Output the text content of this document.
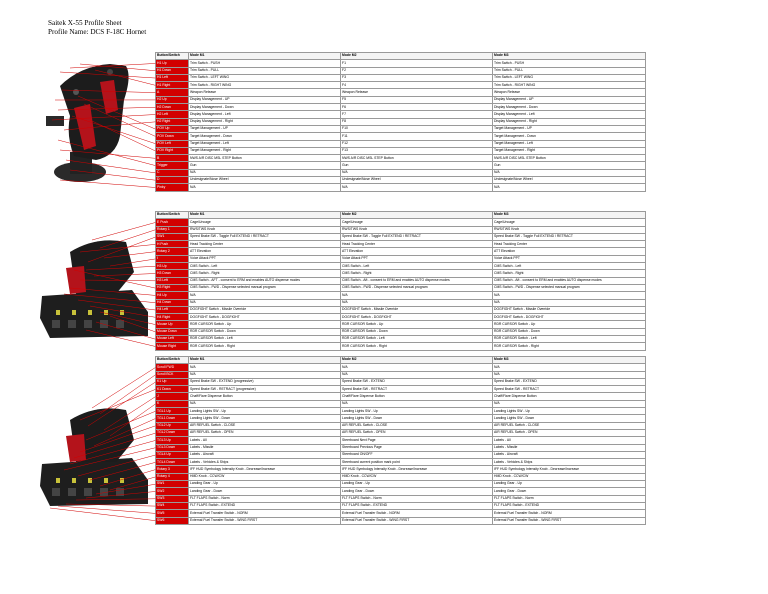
Saitek X-55 Profile Sheet
Profile Name: DCS F-18C Hornet
Button/Switch	Mode M1	Mode M2	Mode M3
H1 Up	Trim Switch - PUSH	F1	Trim Switch - PUSH
H1 Down	Trim Switch - PULL	F2	Trim Switch - PULL
H1 Left	Trim Switch - LEFT WING	F3	Trim Switch - LEFT WING
H1 Right	Trim Switch - RIGHT WING	F4	Trim Switch - RIGHT WING
A	Weapon Release	Weapon Release	Weapon Release
H2 Up	Display Management - UP	F5	Display Management - UP
H2 Down	Display Management - Down	F6	Display Management - Down
H2 Left	Display Management - Left	F7	Display Management - Left
H2 Right	Display Management - Right	F8	Display Management - Right
POV Up	Target Management - UP	F10	Target Management - UP
POV Down	Target Management - Down	F11	Target Management - Down
POV Left	Target Management - Left	F12	Target Management - Left
POV Right	Target Management - Right	F13	Target Management - Right
B	NWS A/R DISC MSL STEP Button	NWS A/R DISC MSL STEP Button	NWS A/R DISC MSL STEP Button
Trigger	Gun	Gun	Gun
C	N/A	N/A	N/A
D	Undesignate/Nose Wheel	Undesignate/Nose Wheel	Undesignate/Nose Wheel
Pinky	N/A	N/A	N/A
Button/Switch	Mode M1	Mode M2	Mode M3
E Push	Cage/Uncage	Cage/Uncage	Cage/Uncage
Rotary 1	RWS/TWS Knob	RWS/TWS Knob	RWS/TWS Knob
SW1	Speed Brake SW - Toggle Full EXTEND / RETRACT	Speed Brake SW - Toggle Full EXTEND / RETRACT	Speed Brake SW - Toggle Full EXTEND / RETRACT
H Push	Head Tracking Center	Head Tracking Center	Head Tracking Center
Rotary 2	ATT Elevation	ATT Elevation	ATT Elevation
I	Voice Attack PPT	Voice Attack PPT	Voice Attack PPT
H3 Up	CMS Switch - Left	CMS Switch - Left	CMS Switch - Left
H3 Down	CMS Switch - Right	CMS Switch - Right	CMS Switch - Right
H3 Left	CMS Switch - AFT - consent to ERM and enables AUTO dispense modes	CMS Switch - Aft - consent to ERM and enables AUTO dispense modes	CMS Switch - Aft - consent to ERM and enables AUTO dispense modes
H3 Right	CMS Switch - FWD - Dispense selected manual program	CMS Switch - FWD - Dispense selected manual program	CMS Switch - FWD - Dispense selected manual program
H4 Up	N/A	N/A	N/A
H4 Down	N/A	N/A	N/A
H4 Left	DOGFIGHT Switch - Missile Override	DOGFIGHT Switch - Missile Override	DOGFIGHT Switch - Missile Override
H4 Right	DOGFIGHT Switch - DOGFIGHT	DOGFIGHT Switch - DOGFIGHT	DOGFIGHT Switch - DOGFIGHT
Mouse Up	RDR CURSOR Switch - Up	RDR CURSOR Switch - Up	RDR CURSOR Switch - Up
Mouse Down	RDR CURSOR Switch - Down	RDR CURSOR Switch - Down	RDR CURSOR Switch - Down
Mouse Left	RDR CURSOR Switch - Left	RDR CURSOR Switch - Left	RDR CURSOR Switch - Left
Mouse Right	RDR CURSOR Switch - Right	RDR CURSOR Switch - Right	RDR CURSOR Switch - Right
Button/Switch	Mode M1	Mode M2	Mode M3
Scroll FWD	N/A	N/A	N/A
Scroll BCK	N/A	N/A	N/A
K1 Up	Speed Brake SW - EXTEND (progressive)	Speed Brake SW - EXTEND	Speed Brake SW - EXTEND
K1 Down	Speed Brake SW - RETRACT (progressive)	Speed Brake SW - RETRACT	Speed Brake SW - RETRACT
J	Chaff/Flare Dispense Button	Chaff/Flare Dispense Button	Chaff/Flare Dispense Button
K	N/A	N/A	N/A
TGL1 Up	Landing Lights SW - Up	Landing Lights SW - Up	Landing Lights SW - Up
TGL1 Down	Landing Lights SW - Down	Landing Lights SW - Down	Landing Lights SW - Down
TGL2 Up	AIR REFUEL Switch - CLOSE	AIR REFUEL Switch - CLOSE	AIR REFUEL Switch - CLOSE
TGL2 Down	AIR REFUEL Switch - OPEN	AIR REFUEL Switch - OPEN	AIR REFUEL Switch - OPEN
TGL3 Up	Labels - All	Steerboard Next Page	Labels - All
TGL3 Down	Labels - Missile	Steerboard Previous Page	Labels - Missile
TGL4 Up	Labels - Aircraft	Steerboard ON/OFF	Labels - Aircraft
TGL4 Down	Labels - Vehicles & Ships	Steerboard current position mark point	Labels - Vehicles & Ships
Rotary 3	IFF HUD Symbology Intensity Knob - Decrease/Increase	IFF HUD Symbology Intensity Knob - Decrease/Increase	IFF HUD Symbology Intensity Knob - Decrease/Increase
Rotary 4	HMD Knob - CCW/CW	HMD Knob - CCW/CW	HMD Knob - CCW/CW
SW1	Landing Gear - Up	Landing Gear - Up	Landing Gear - Up
SW2	Landing Gear - Down	Landing Gear - Down	Landing Gear - Down
SW3	FLT FLAPS Switch - Norm	FLT FLAPS Switch - Norm	FLT FLAPS Switch - Norm
SW4	FLT FLAPS Switch - EXTEND	FLT FLAPS Switch - EXTEND	FLT FLAPS Switch - EXTEND
SW5	External Fuel Transfer Switch - NORM	External Fuel Transfer Switch - NORM	External Fuel Transfer Switch - NORM
SW6	External Fuel Transfer Switch - WING FIRST	External Fuel Transfer Switch - WING FIRST	External Fuel Transfer Switch - WING FIRST
